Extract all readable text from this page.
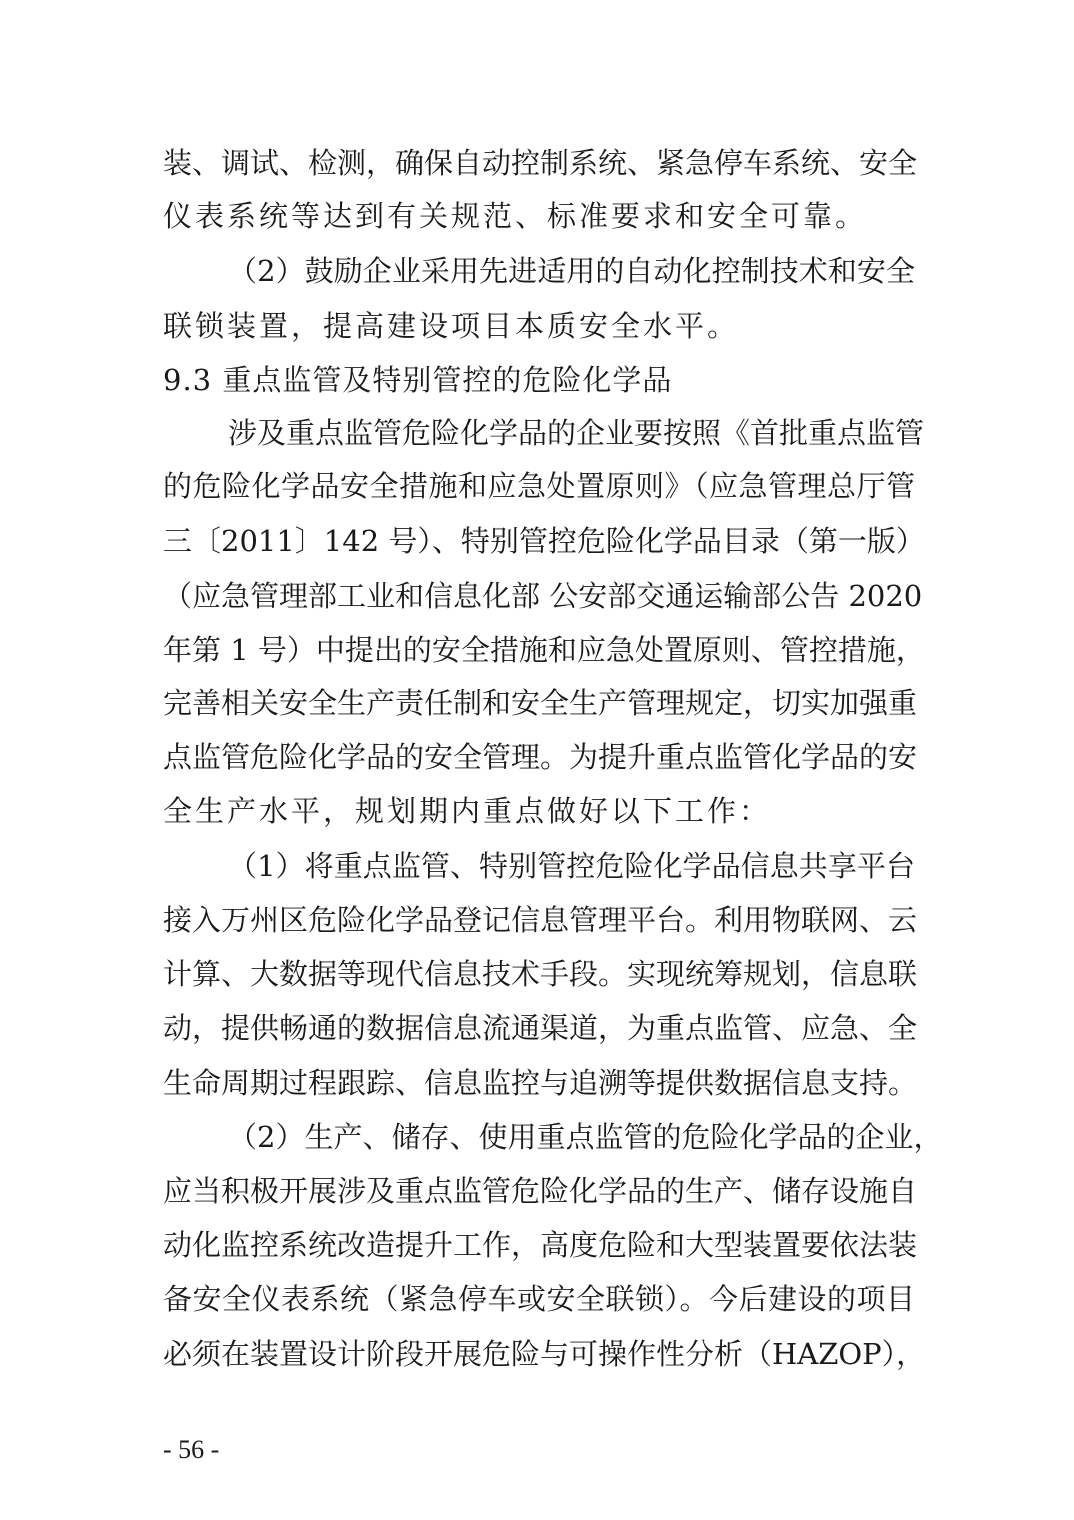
装、调试、检测，确保自动控制系统、紧急停车系统、安全
仪表系统等达到有关规范、标准要求和安全可靠。
（2）鼓励企业采用先进适用的自动化控制技术和安全
联锁装置，提高建设项目本质安全水平。
9.3 重点监管及特别管控的危险化学品
涉及重点监管危险化学品的企业要按照《首批重点监管
的危险化学品安全措施和应急处置原则》（应急管理总厅管
三〔2011〕142 号）、特别管控危险化学品目录（第一版）
（应急管理部工业和信息化部 公安部交通运输部公告 2020
年第 1 号）中提出的安全措施和应急处置原则、管控措施，
完善相关安全生产责任制和安全生产管理规定，切实加强重
点监管危险化学品的安全管理。为提升重点监管化学品的安
全生产水平，规划期内重点做好以下工作：
（1）将重点监管、特别管控危险化学品信息共享平台
接入万州区危险化学品登记信息管理平台。利用物联网、云
计算、大数据等现代信息技术手段。实现统筹规划，信息联
动，提供畅通的数据信息流通渠道，为重点监管、应急、全
生命周期过程跟踪、信息监控与追溯等提供数据信息支持。
（2）生产、储存、使用重点监管的危险化学品的企业，
应当积极开展涉及重点监管危险化学品的生产、储存设施自
动化监控系统改造提升工作，高度危险和大型装置要依法装
备安全仪表系统（紧急停车或安全联锁）。今后建设的项目
必须在装置设计阶段开展危险与可操作性分析（HAZOP），
- 56 -
